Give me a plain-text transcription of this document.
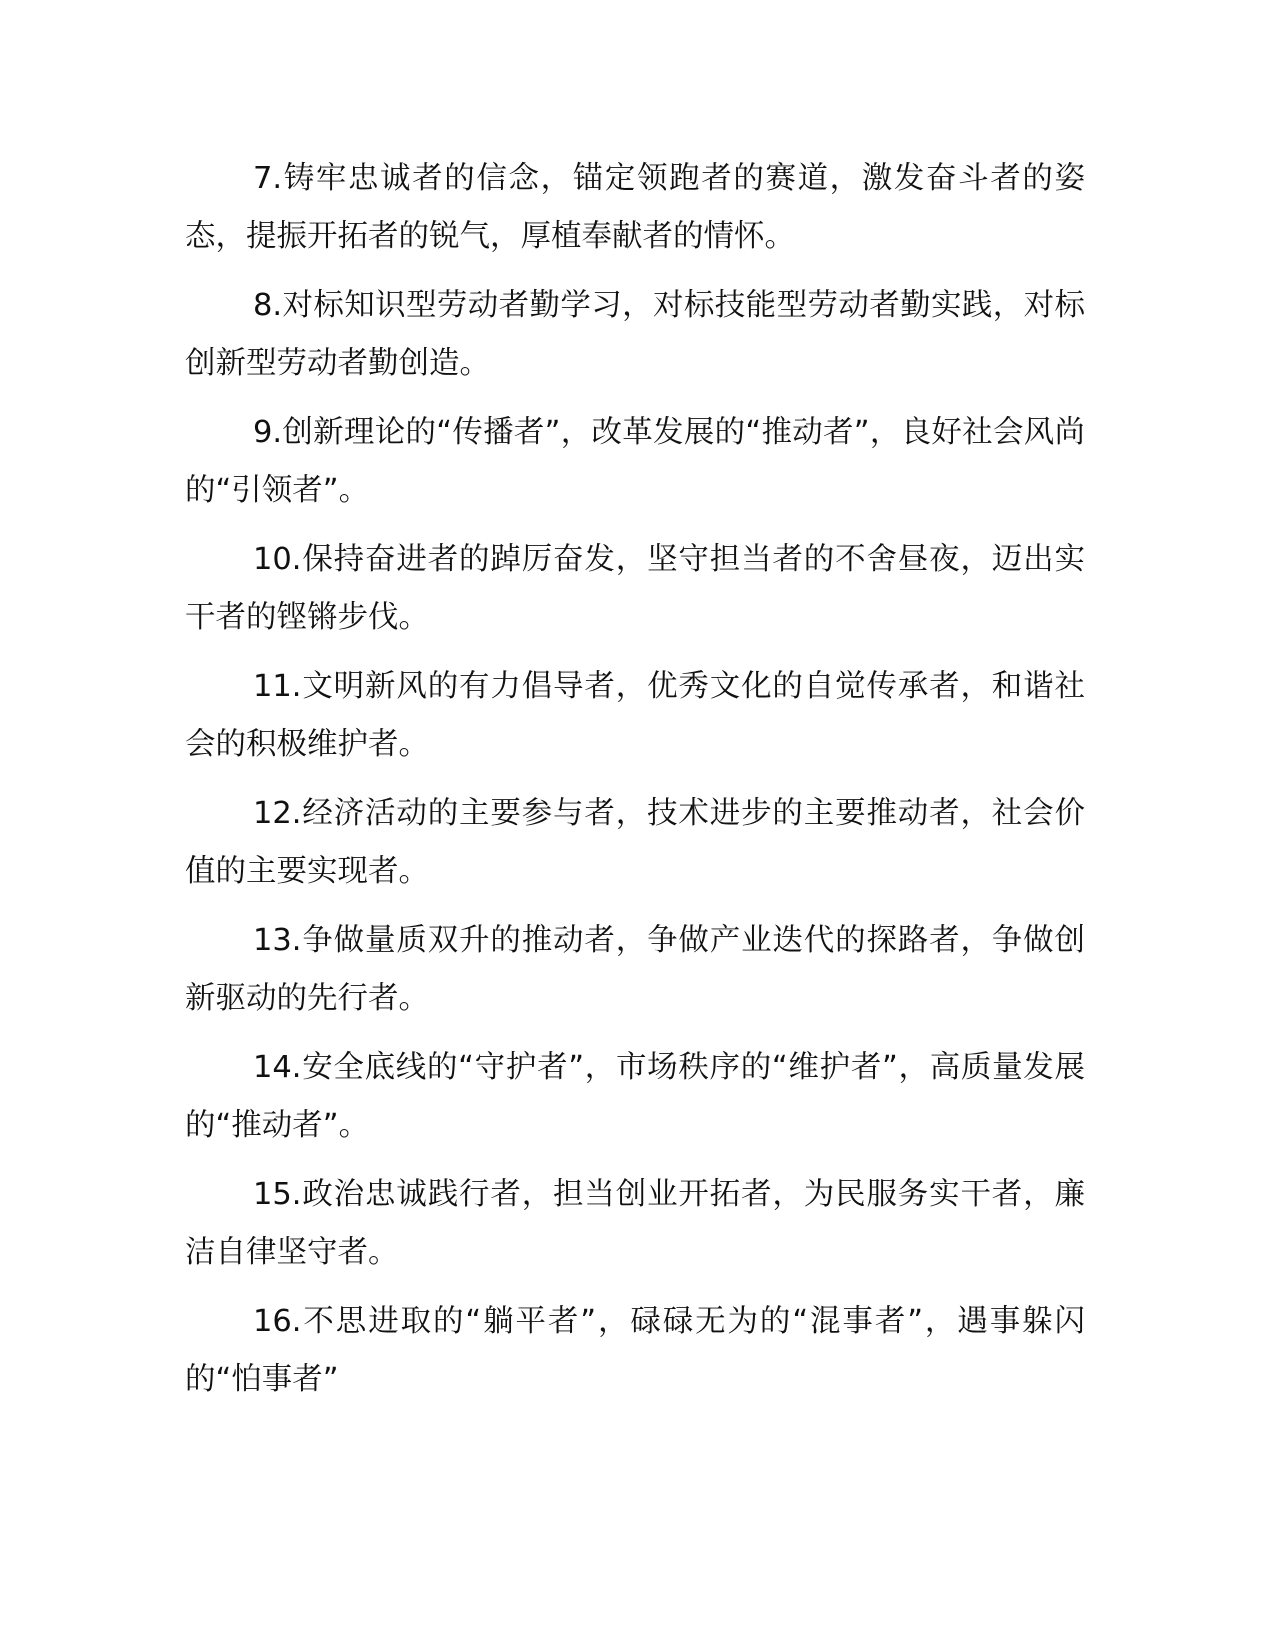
7.铸牢忠诚者的信念，锚定领跑者的赛道，激发奋斗者的姿态，提振开拓者的锐气，厚植奉献者的情怀。

8.对标知识型劳动者勤学习，对标技能型劳动者勤实践，对标创新型劳动者勤创造。

9.创新理论的“传播者”，改革发展的“推动者”，良好社会风尚的“引领者”。

10.保持奋进者的踔厉奋发，坚守担当者的不舍昼夜，迈出实干者的铿锵步伐。

11.文明新风的有力倡导者，优秀文化的自觉传承者，和谐社会的积极维护者。

12.经济活动的主要参与者，技术进步的主要推动者，社会价值的主要实现者。

13.争做量质双升的推动者，争做产业迭代的探路者，争做创新驱动的先行者。

14.安全底线的“守护者”，市场秩序的“维护者”，高质量发展的“推动者”。

15.政治忠诚践行者，担当创业开拓者，为民服务实干者，廉洁自律坚守者。

16.不思进取的“躺平者”，碌碌无为的“混事者”，遇事躲闪的“怕事者”
